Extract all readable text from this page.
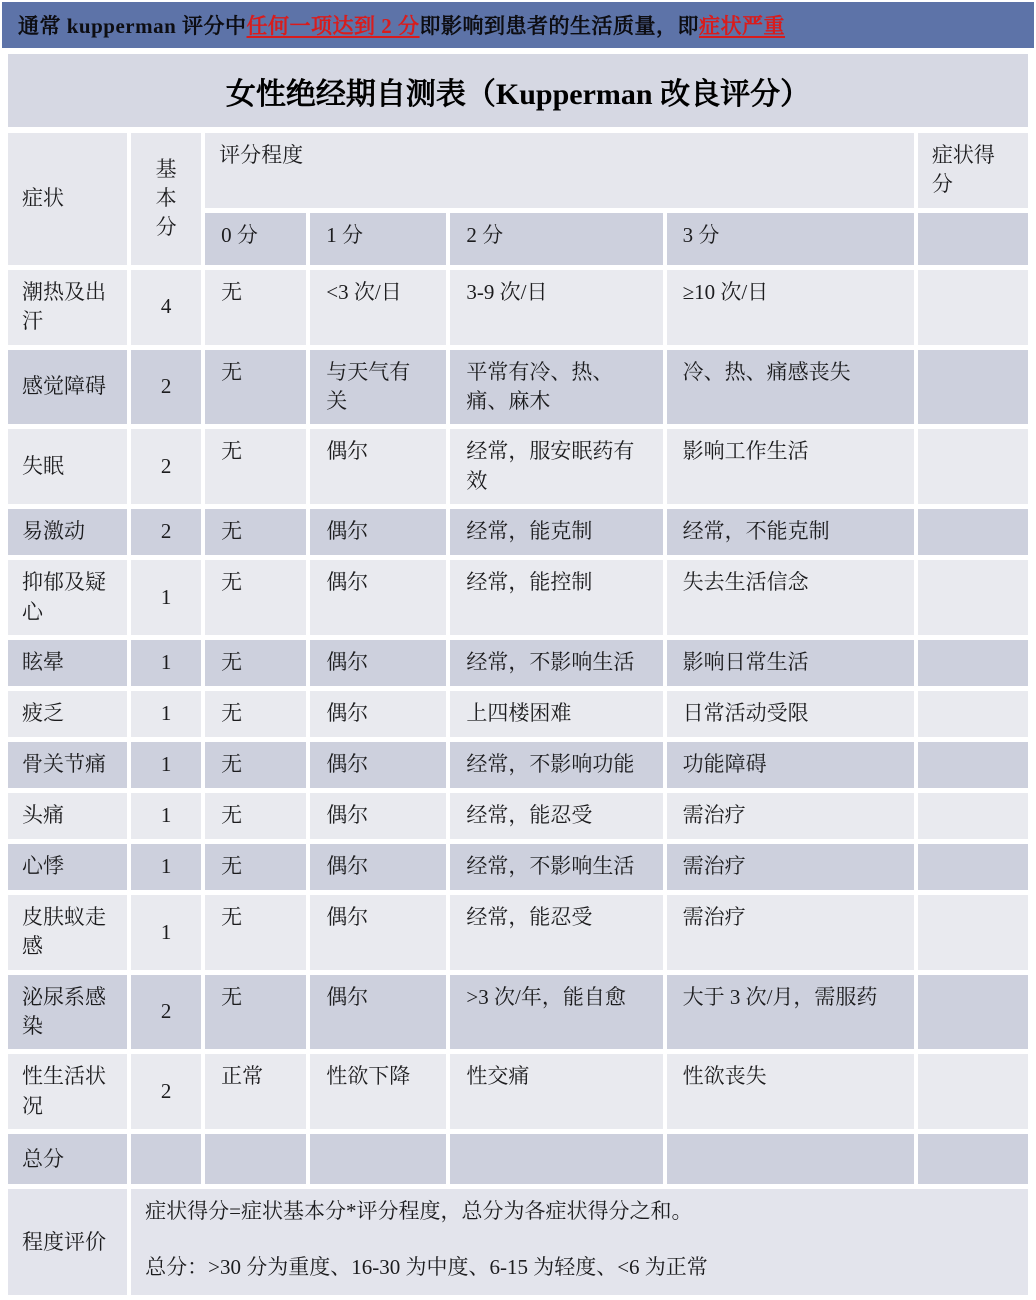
通常 kupperman 评分中 任何一项达到 2 分 即影响到患者的生活质量，即 症状严重
女性绝经期自测表（Kupperman 改良评分）
症状	基本分	评分程度				症状得分
		0 分	1 分	2 分	3 分	
潮热及出汗	4	无	<3 次/日	3-9 次/日	≥10 次/日	
感觉障碍	2	无	与天气有关	平常有冷、热、痛、麻木	冷、热、痛感丧失	
失眠	2	无	偶尔	经常，服安眠药有效	影响工作生活	
易激动	2	无	偶尔	经常，能克制	经常，不能克制	
抑郁及疑心	1	无	偶尔	经常，能控制	失去生活信念	
眩晕	1	无	偶尔	经常，不影响生活	影响日常生活	
疲乏	1	无	偶尔	上四楼困难	日常活动受限	
骨关节痛	1	无	偶尔	经常，不影响功能	功能障碍	
头痛	1	无	偶尔	经常，能忍受	需治疗	
心悸	1	无	偶尔	经常，不影响生活	需治疗	
皮肤蚁走感	1	无	偶尔	经常，能忍受	需治疗	
泌尿系感染	2	无	偶尔	>3 次/年，能自愈	大于 3 次/月，需服药	
性生活状况	2	正常	性欲下降	性交痛	性欲丧失	
总分						
程度评价	症状得分=症状基本分*评分程度，总分为各症状得分之和。
总分：>30 分为重度、16-30 为中度、6-15 为轻度、<6 为正常					
